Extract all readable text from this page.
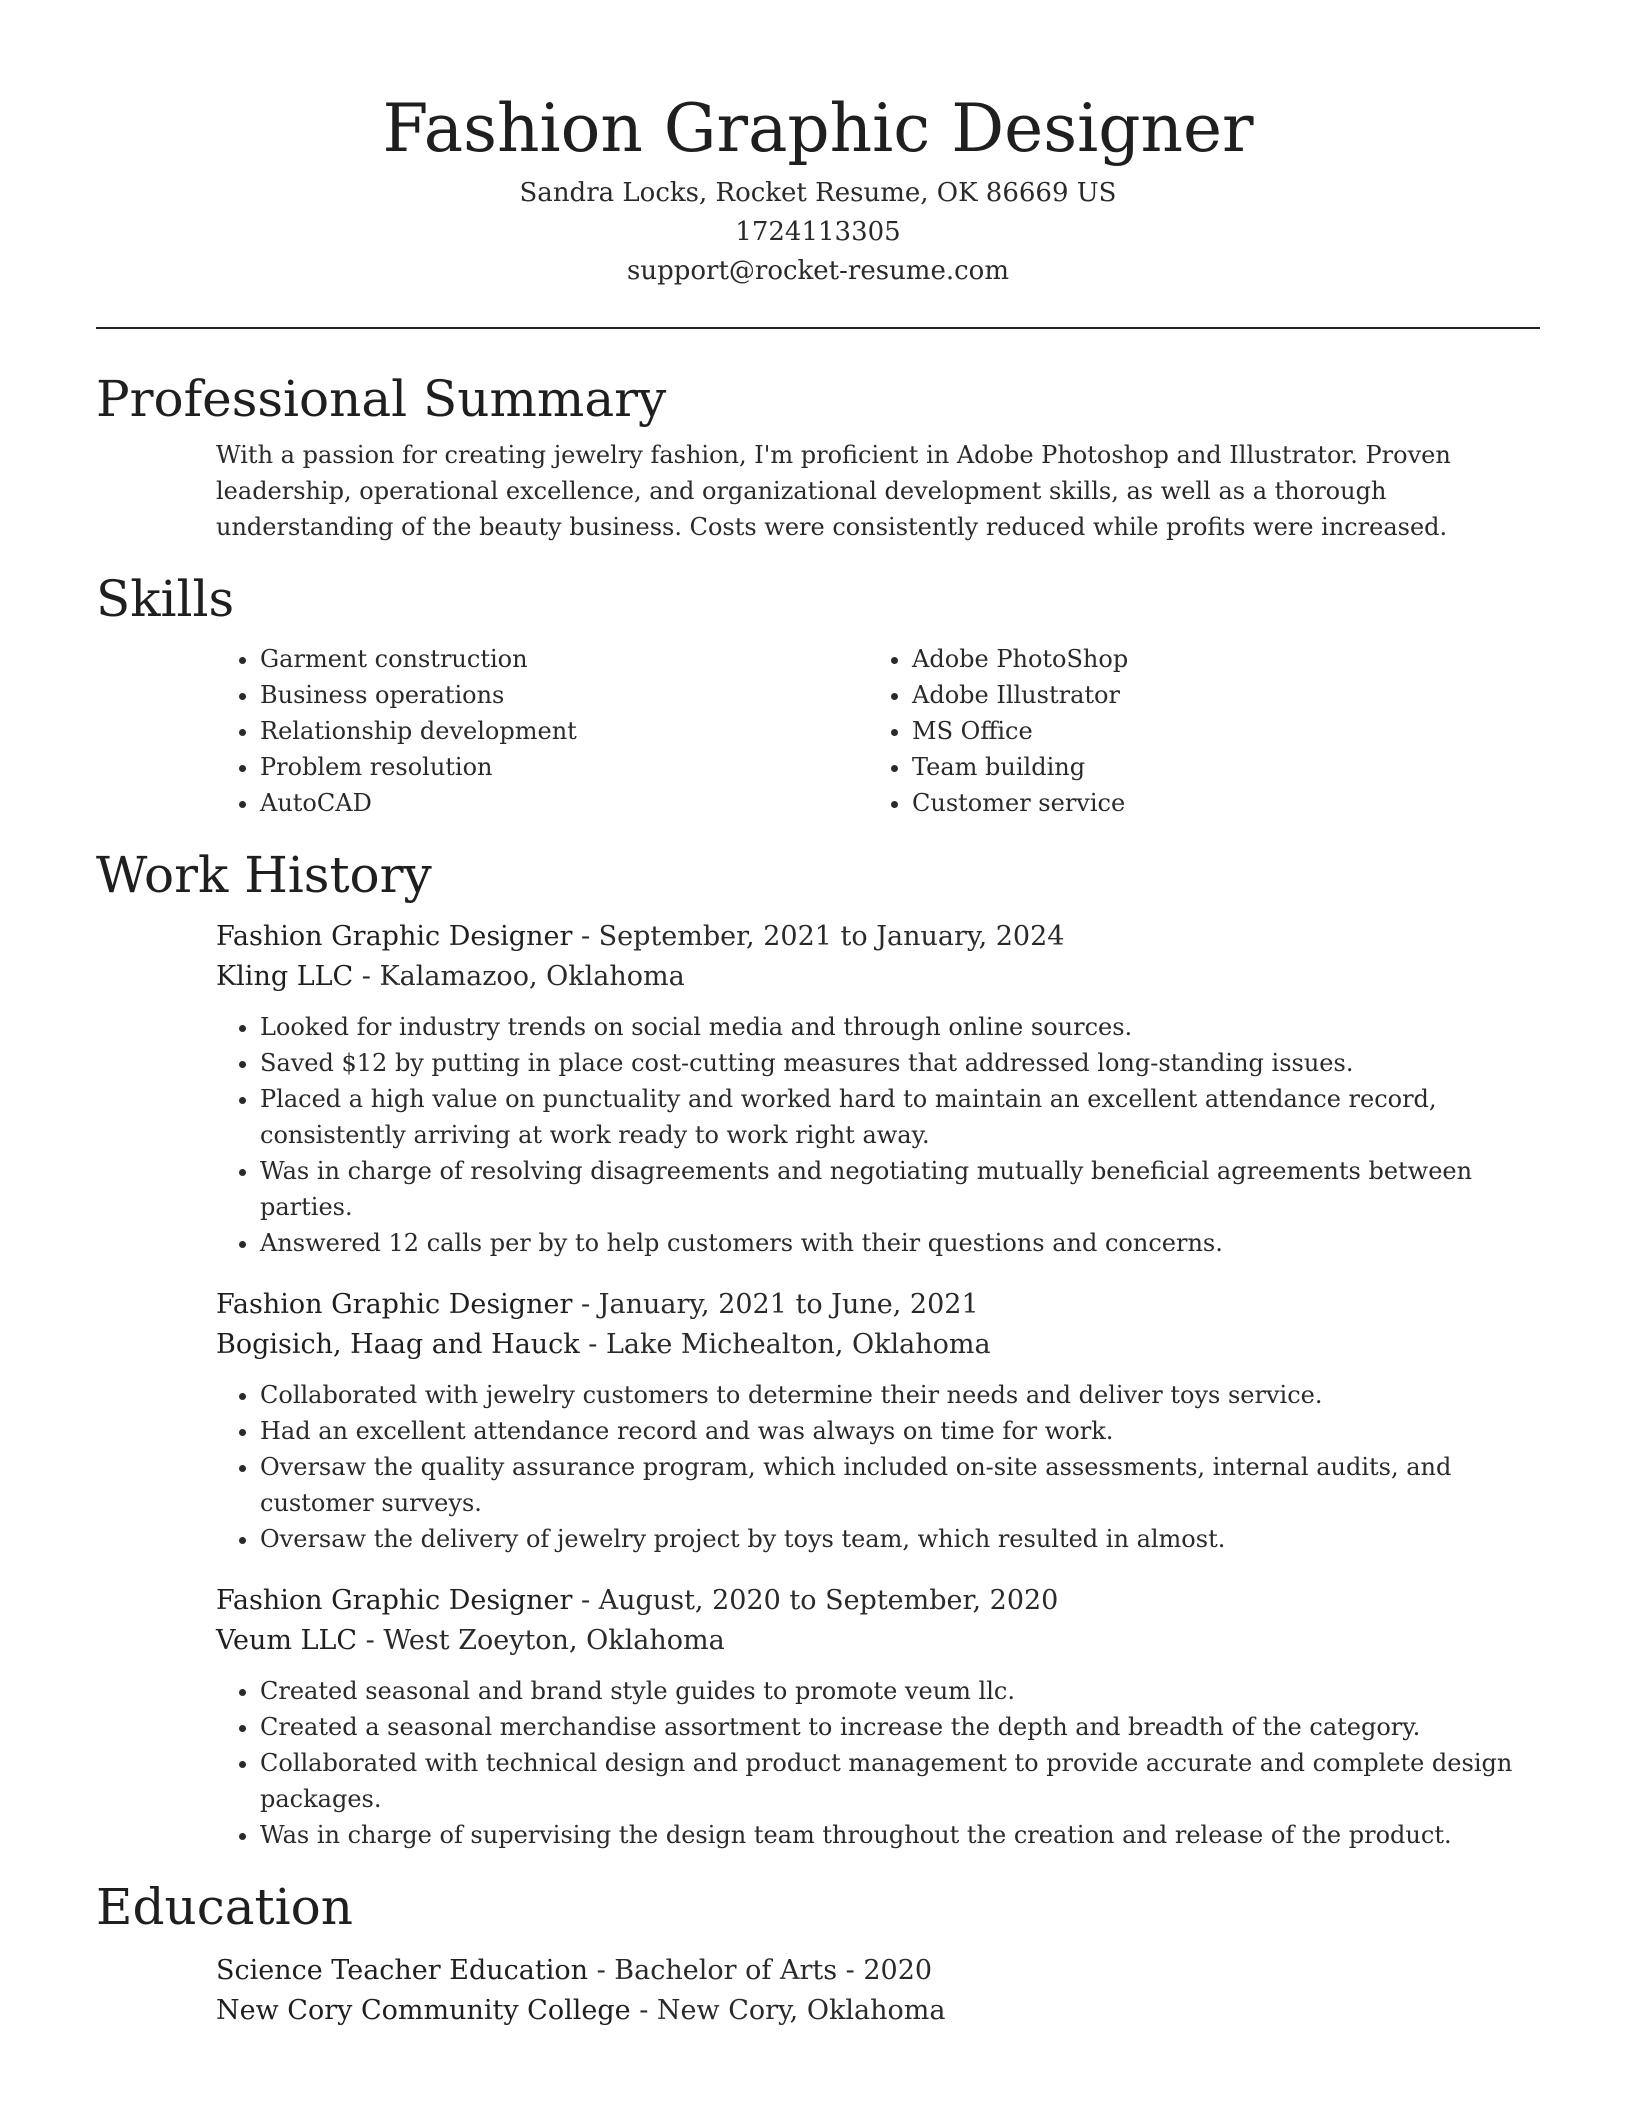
Fashion Graphic Designer

Sandra Locks, Rocket Resume, OK 86669 US

1724113305

support@rocket-resume.com

Professional Summary

With a passion for creating jewelry fashion, I'm proficient in Adobe Photoshop and Illustrator. Proven leadership, operational excellence, and organizational development skills, as well as a thorough understanding of the beauty business. Costs were consistently reduced while profits were increased.

Skills
• Garment construction
• Business operations
• Relationship development
• Problem resolution
• AutoCAD
• Adobe PhotoShop
• Adobe Illustrator
• MS Office
• Team building
• Customer service
Work History

Fashion Graphic Designer - September, 2021 to January, 2024

Kling LLC - Kalamazoo, Oklahoma

• Looked for industry trends on social media and through online sources.
• Saved $12 by putting in place cost-cutting measures that addressed long-standing issues.
• Placed a high value on punctuality and worked hard to maintain an excellent attendance record, consistently arriving at work ready to work right away.
• Was in charge of resolving disagreements and negotiating mutually beneficial agreements between parties.
• Answered 12 calls per by to help customers with their questions and concerns.

Fashion Graphic Designer - January, 2021 to June, 2021

Bogisich, Haag and Hauck - Lake Michealton, Oklahoma

• Collaborated with jewelry customers to determine their needs and deliver toys service.
• Had an excellent attendance record and was always on time for work.
• Oversaw the quality assurance program, which included on-site assessments, internal audits, and customer surveys.
• Oversaw the delivery of jewelry project by toys team, which resulted in almost.

Fashion Graphic Designer - August, 2020 to September, 2020

Veum LLC - West Zoeyton, Oklahoma

• Created seasonal and brand style guides to promote veum llc.
• Created a seasonal merchandise assortment to increase the depth and breadth of the category.
• Collaborated with technical design and product management to provide accurate and complete design packages.
• Was in charge of supervising the design team throughout the creation and release of the product.
Education

Science Teacher Education - Bachelor of Arts - 2020

New Cory Community College - New Cory, Oklahoma
